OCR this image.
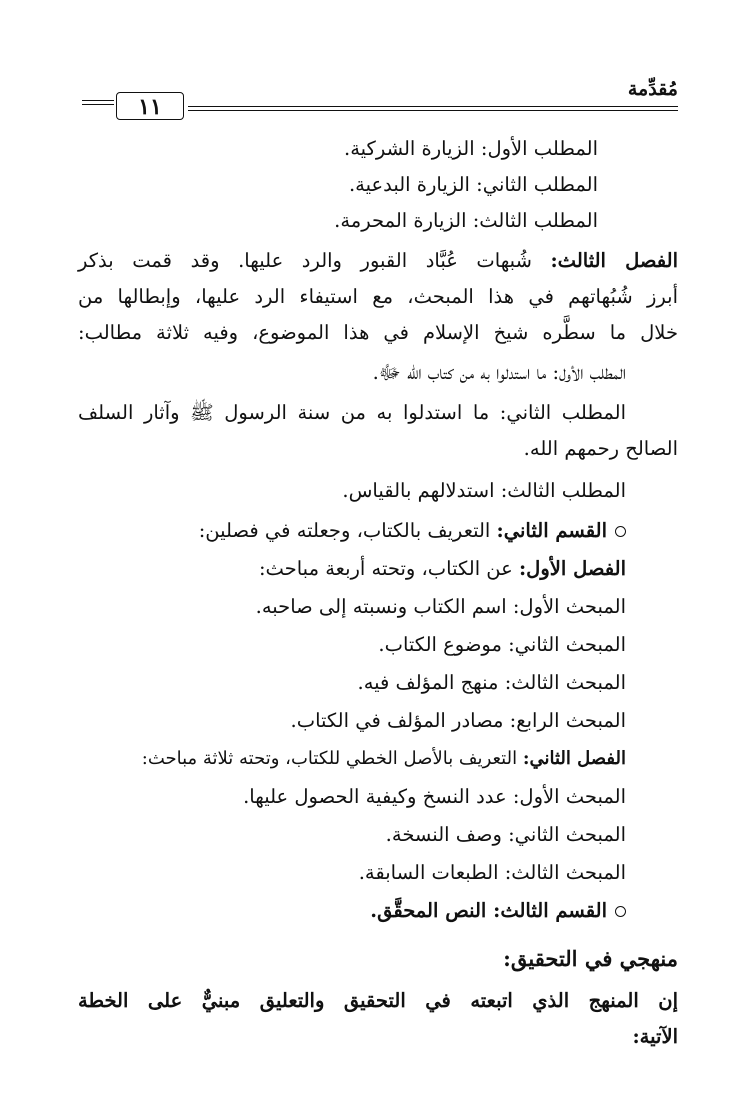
مُقدِّمة
١١
المطلب الأول: الزيارة الشركية.
المطلب الثاني: الزيارة البدعية.
المطلب الثالث: الزيارة المحرمة.
الفصل الثالث: شُبهات عُبَّاد القبور والرد عليها. وقد قمت بذكر
أبرز شُبُهاتهم في هذا المبحث، مع استيفاء الرد عليها، وإبطالها من
خلال ما سطَّره شيخ الإسلام في هذا الموضوع، وفيه ثلاثة مطالب:
المطلب الأول: ما استدلوا به من كتاب الله ﷻ.
المطلب الثاني: ما استدلوا به من سنة الرسول ﷺ وآثار السلف
الصالح رحمهم الله.
المطلب الثالث: استدلالهم بالقياس.
القسم الثاني: التعريف بالكتاب، وجعلته في فصلين:
الفصل الأول: عن الكتاب، وتحته أربعة مباحث:
المبحث الأول: اسم الكتاب ونسبته إلى صاحبه.
المبحث الثاني: موضوع الكتاب.
المبحث الثالث: منهج المؤلف فيه.
المبحث الرابع: مصادر المؤلف في الكتاب.
الفصل الثاني: التعريف بالأصل الخطي للكتاب، وتحته ثلاثة مباحث:
المبحث الأول: عدد النسخ وكيفية الحصول عليها.
المبحث الثاني: وصف النسخة.
المبحث الثالث: الطبعات السابقة.
القسم الثالث: النص المحقَّق.
منهجي في التحقيق:
إن المنهج الذي اتبعته في التحقيق والتعليق مبنيٌّ على الخطة
الآتية:
